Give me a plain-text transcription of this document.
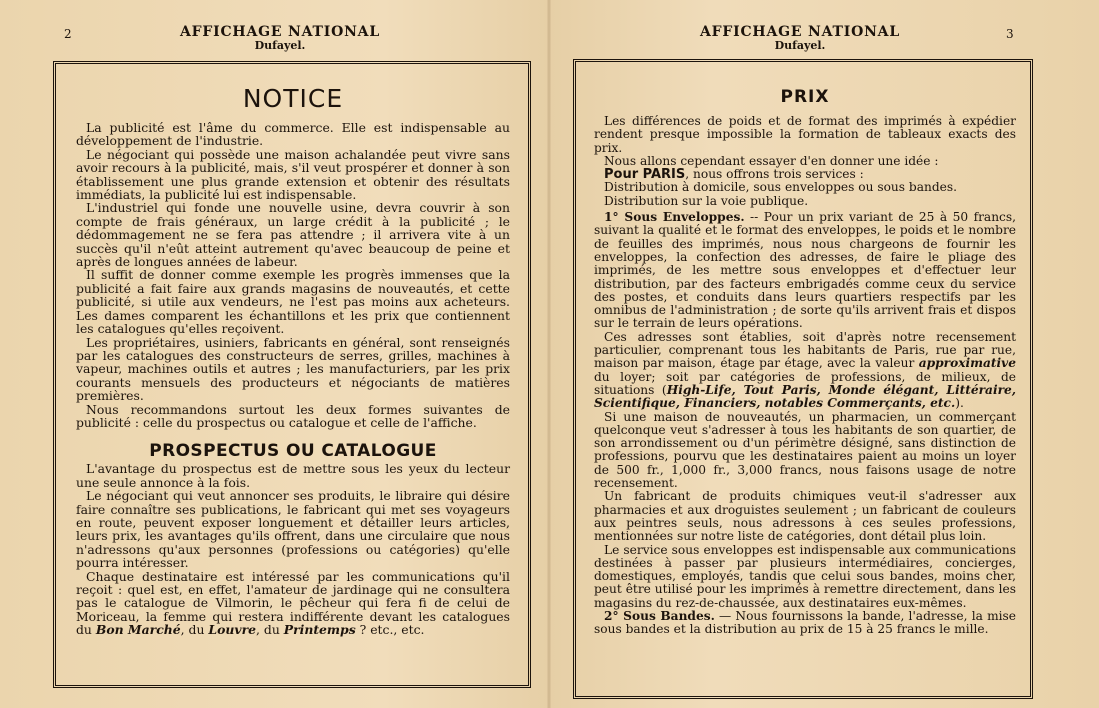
2	AFFICHAGE NATIONAL
Dufayel.
NOTICE

La publicité est l'âme du commerce. Elle est indispensable au développement de l'industrie.

Le négociant qui possède une maison achalandée peut vivre sans avoir recours à la publicité, mais, s'il veut prospérer et donner à son établissement une plus grande extension et obtenir des résultats immédiats, la publicité lui est indispensable.

L'industriel qui fonde une nouvelle usine, devra couvrir à son compte de frais généraux, un large crédit à la publicité ; le dédommagement ne se fera pas attendre ; il arrivera vite à un succès qu'il n'eût atteint autrement qu'avec beaucoup de peine et après de longues années de labeur.

Il suffit de donner comme exemple les progrès immenses que la publicité a fait faire aux grands magasins de nouveautés, et cette publicité, si utile aux vendeurs, ne l'est pas moins aux acheteurs. Les dames comparent les échantillons et les prix que contiennent les catalogues qu'elles reçoivent.

Les propriétaires, usiniers, fabricants en général, sont renseignés par les catalogues des constructeurs de serres, grilles, machines à vapeur, machines outils et autres ; les manufacturiers, par les prix courants mensuels des producteurs et négociants de matières premières.

Nous recommandons surtout les deux formes suivantes de publicité : celle du prospectus ou catalogue et celle de l'affiche.

PROSPECTUS OU CATALOGUE

L'avantage du prospectus est de mettre sous les yeux du lecteur une seule annonce à la fois.

Le négociant qui veut annoncer ses produits, le libraire qui désire faire connaître ses publications, le fabricant qui met ses voyageurs en route, peuvent exposer longuement et détailler leurs articles, leurs prix, les avantages qu'ils offrent, dans une circulaire que nous n'adressons qu'aux personnes (professions ou catégories) qu'elle pourra intéresser.

Chaque destinataire est intéressé par les communications qu'il reçoit : quel est, en effet, l'amateur de jardinage qui ne consultera pas le catalogue de Vilmorin, le pêcheur qui fera fi de celui de Moriceau, la femme qui restera indifférente devant les catalogues du Bon Marché, du Louvre, du Printemps ? etc., etc.

3
AFFICHAGE NATIONAL
Dufayel.
PRIX

Les différences de poids et de format des imprimés à expédier rendent presque impossible la formation de tableaux exacts des prix.

Nous allons cependant essayer d'en donner une idée :

Pour PARIS, nous offrons trois services :

Distribution à domicile, sous enveloppes ou sous bandes.

Distribution sur la voie publique.

1° Sous Enveloppes. -- Pour un prix variant de 25 à 50 francs, suivant la qualité et le format des enveloppes, le poids et le nombre de feuilles des imprimés, nous nous chargeons de fournir les enveloppes, la confection des adresses, de faire le pliage des imprimés, de les mettre sous enveloppes et d'effectuer leur distribution, par des facteurs embrigadés comme ceux du service des postes, et conduits dans leurs quartiers respectifs par les omnibus de l'administration ; de sorte qu'ils arrivent frais et dispos sur le terrain de leurs opérations.

Ces adresses sont établies, soit d'après notre recensement particulier, comprenant tous les habitants de Paris, rue par rue, maison par maison, étage par étage, avec la valeur approximative du loyer; soit par catégories de professions, de milieux, de situations (High-Life, Tout Paris, Monde élégant, Littéraire, Scientifique, Financiers, notables Commerçants, etc.).

Si une maison de nouveautés, un pharmacien, un commerçant quelconque veut s'adresser à tous les habitants de son quartier, de son arrondissement ou d'un périmètre désigné, sans distinction de professions, pourvu que les destinataires paient au moins un loyer de 500 fr., 1,000 fr., 3,000 francs, nous faisons usage de notre recensement.

Un fabricant de produits chimiques veut-il s'adresser aux pharmacies et aux droguistes seulement ; un fabricant de couleurs aux peintres seuls, nous adressons à ces seules professions, mentionnées sur notre liste de catégories, dont détail plus loin.

Le service sous enveloppes est indispensable aux communications destinées à passer par plusieurs intermédiaires, concierges, domestiques, employés, tandis que celui sous bandes, moins cher, peut être utilisé pour les imprimés à remettre directement, dans les magasins du rez-de-chaussée, aux destinataires eux-mêmes.

2° Sous Bandes. — Nous fournissons la bande, l'adresse, la mise sous bandes et la distribution au prix de 15 à 25 francs le mille.
